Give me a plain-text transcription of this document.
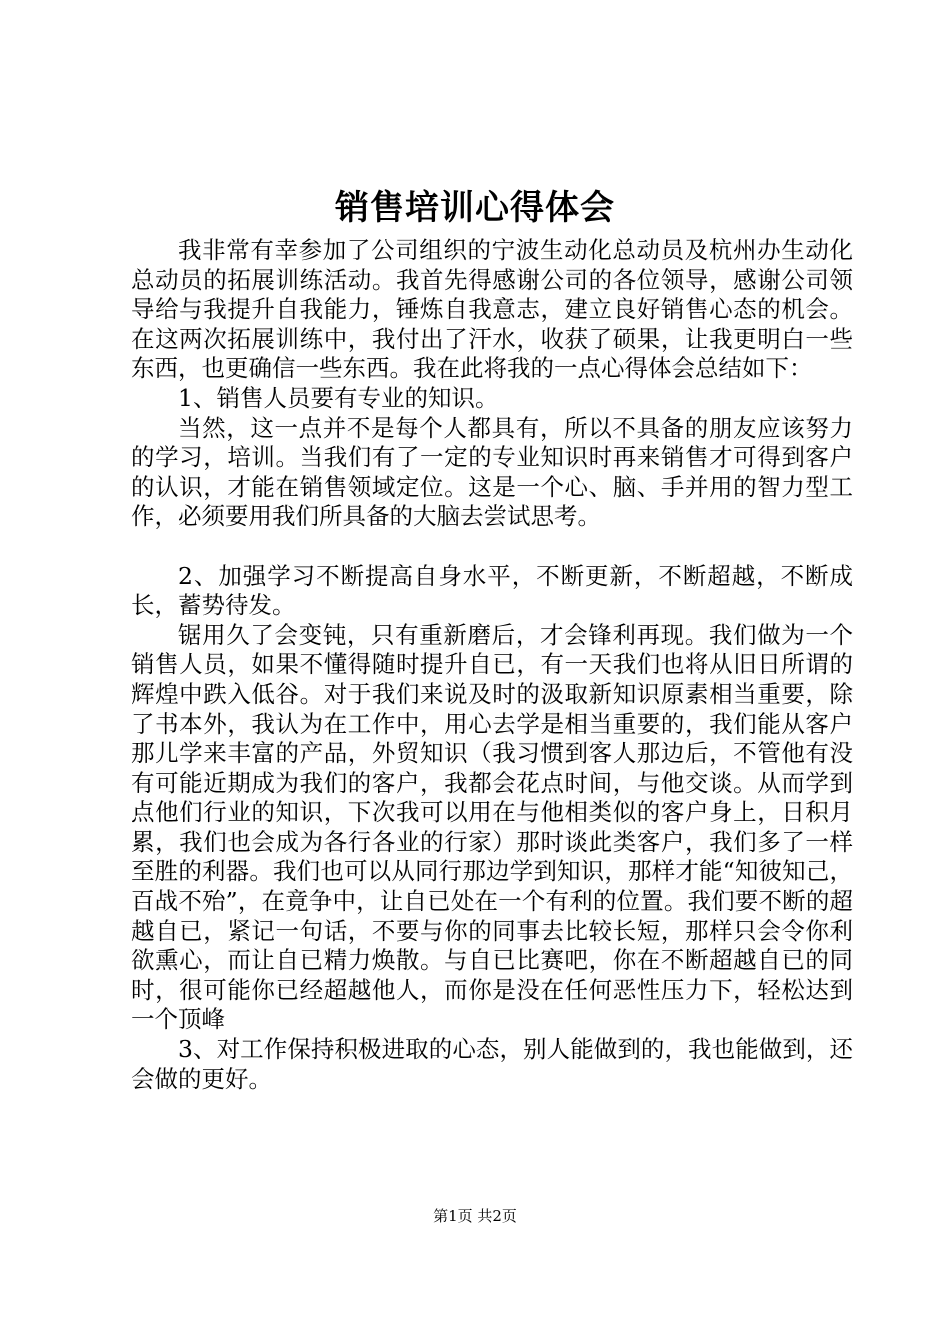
销售培训心得体会

我非常有幸参加了公司组织的宁波生动化总动员及杭州办生动化总动员的拓展训练活动。我首先得感谢公司的各位领导，感谢公司领导给与我提升自我能力，锤炼自我意志，建立良好销售心态的机会。在这两次拓展训练中，我付出了汗水，收获了硕果，让我更明白一些东西，也更确信一些东西。我在此将我的一点心得体会总结如下：

1、销售人员要有专业的知识。

当然，这一点并不是每个人都具有，所以不具备的朋友应该努力的学习，培训。当我们有了一定的专业知识时再来销售才可得到客户的认识，才能在销售领域定位。这是一个心、脑、手并用的智力型工作，必须要用我们所具备的大脑去尝试思考。

2、加强学习不断提高自身水平，不断更新，不断超越，不断成长，蓄势待发。

锯用久了会变钝，只有重新磨后，才会锋利再现。我们做为一个销售人员，如果不懂得随时提升自已，有一天我们也将从旧日所谓的辉煌中跌入低谷。对于我们来说及时的汲取新知识原素相当重要，除了书本外，我认为在工作中，用心去学是相当重要的，我们能从客户那儿学来丰富的产品，外贸知识（我习惯到客人那边后，不管他有没有可能近期成为我们的客户，我都会花点时间，与他交谈。从而学到点他们行业的知识，下次我可以用在与他相类似的客户身上，日积月累，我们也会成为各行各业的行家）那时谈此类客户，我们多了一样至胜的利器。我们也可以从同行那边学到知识，那样才能“知彼知己，百战不殆”，在竟争中，让自已处在一个有利的位置。我们要不断的超越自已，紧记一句话，不要与你的同事去比较长短，那样只会令你利欲熏心，而让自已精力焕散。与自已比赛吧，你在不断超越自已的同时，很可能你已经超越他人，而你是没在任何恶性压力下，轻松达到一个顶峰

3、对工作保持积极进取的心态，别人能做到的，我也能做到，还会做的更好。

第1页 共2页
